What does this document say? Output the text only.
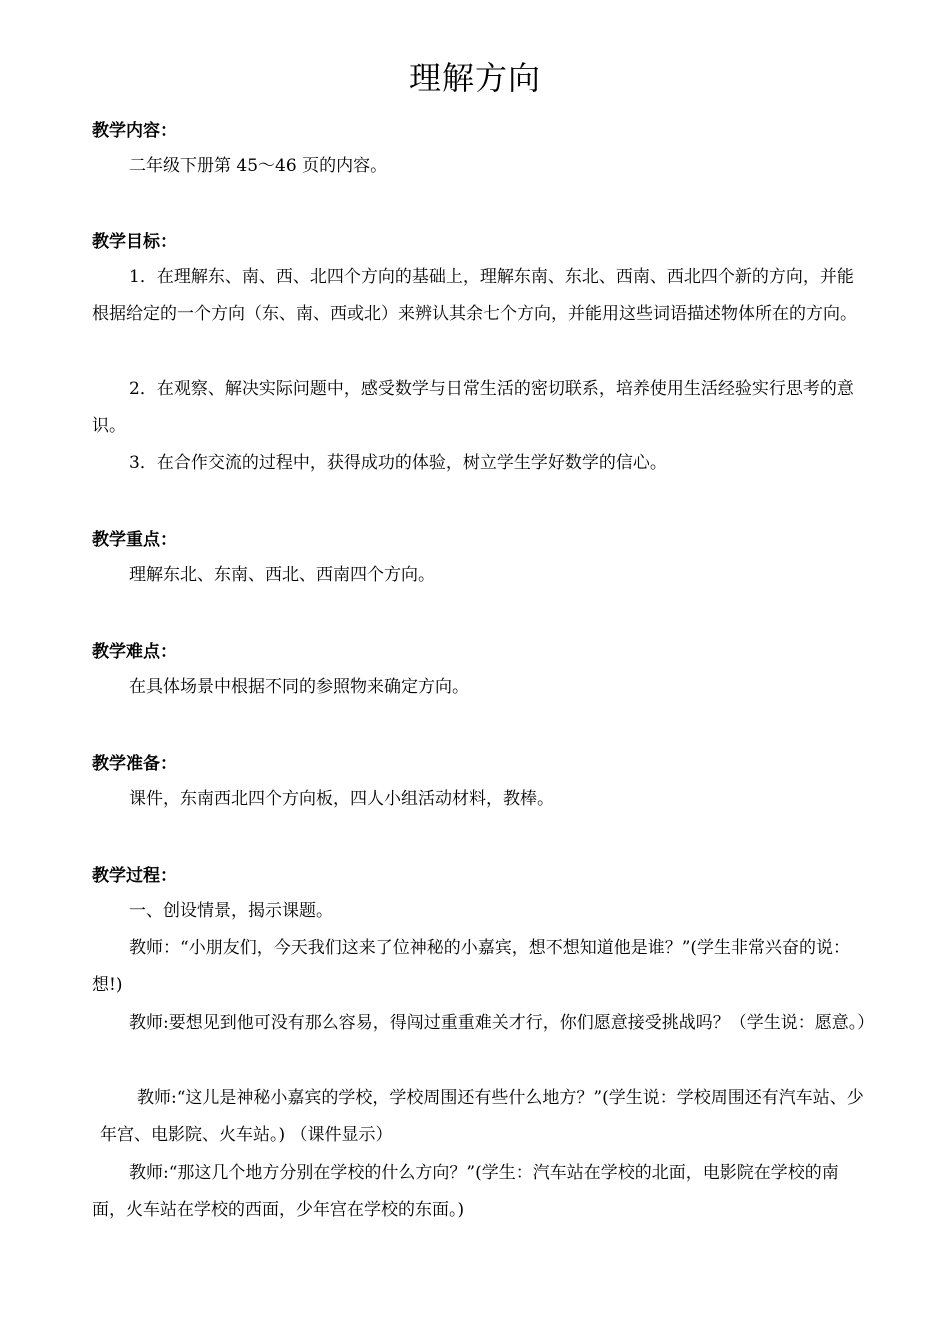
理解方向
教学内容：
二年级下册第 45～46 页的内容。
教学目标：
1．在理解东、南、西、北四个方向的基础上，理解东南、东北、西南、西北四个新的方向，并能根据给定的一个方向（东、南、西或北）来辨认其余七个方向，并能用这些词语描述物体所在的方向。
2．在观察、解决实际问题中，感受数学与日常生活的密切联系，培养使用生活经验实行思考的意识。
3．在合作交流的过程中，获得成功的体验，树立学生学好数学的信心。
教学重点：
理解东北、东南、西北、西南四个方向。
教学难点：
在具体场景中根据不同的参照物来确定方向。
教学准备：
课件，东南西北四个方向板，四人小组活动材料，教棒。
教学过程：
一、创设情景，揭示课题。
教师：“小朋友们，今天我们这来了位神秘的小嘉宾，想不想知道他是谁？”(学生非常兴奋的说：想!)
教师:要想见到他可没有那么容易，得闯过重重难关才行，你们愿意接受挑战吗？（学生说：愿意。）
教师:“这儿是神秘小嘉宾的学校，学校周围还有些什么地方？”(学生说：学校周围还有汽车站、少年宫、电影院、火车站。) （课件显示）
教师:“那这几个地方分别在学校的什么方向？”(学生：汽车站在学校的北面，电影院在学校的南面，火车站在学校的西面，少年宫在学校的东面。)
